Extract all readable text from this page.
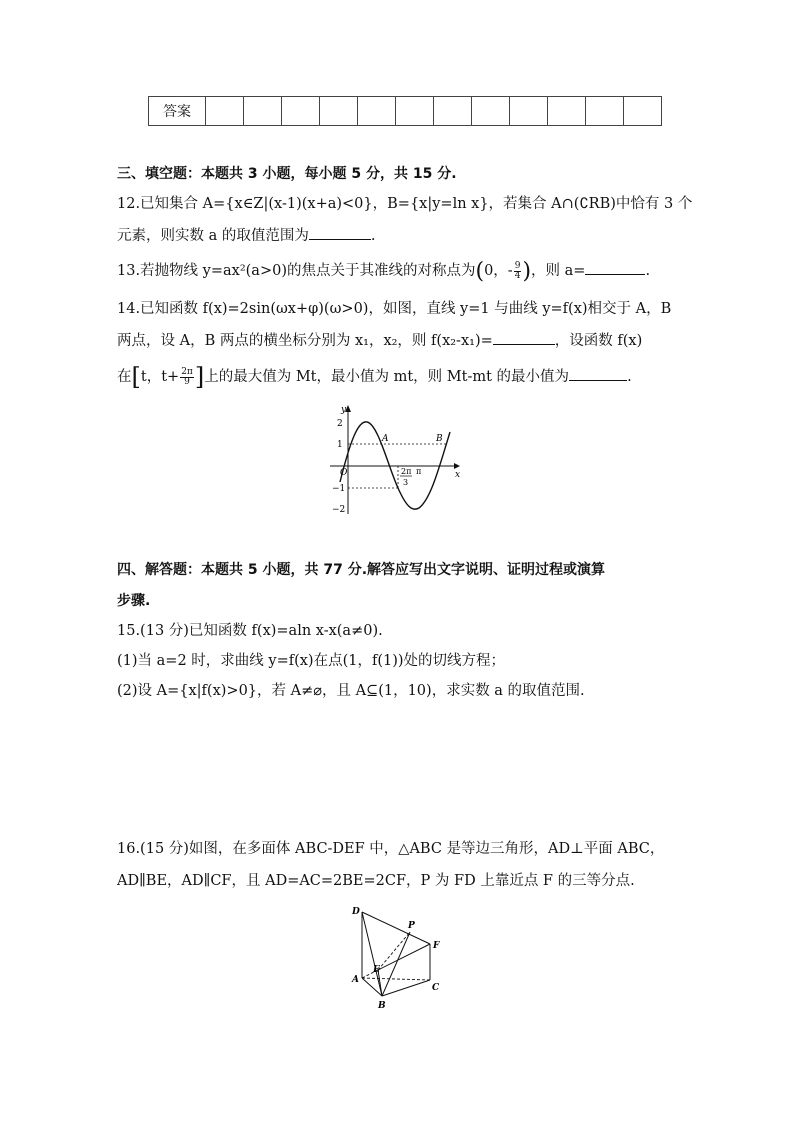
答案												
三、填空题：本题共 3 小题，每小题 5 分，共 15 分.
12.已知集合 A={x∈Z|(x-1)(x+a)<0}，B={x|y=ln x}，若集合 A∩(∁RB)中恰有 3 个
元素，则实数 a 的取值范围为	.
13.若抛物线 y=ax²(a>0)的焦点关于其准线的对称点为(0，- $\frac{9}{4}$ )，则 a=	.
14.已知函数 f(x)=2sin(ωx+φ)(ω>0)，如图，直线 y=1 与曲线 y=f(x)相交于 A，B
两点，设 A，B 两点的横坐标分别为 x₁，x₂，则 f(x₂-x₁)=	，设函数 f(x)
在[t，$t+ \frac{2\pi}{9}$ ]上的最大值为 Mt，最小值为 mt，则 Mt-mt 的最小值为	.
y
x
O
2
1
−1
−2
A	B
2π
3
π
四、解答题：本题共 5 小题，共 77 分.解答应写出文字说明、证明过程或演算
步骤.
15.(13 分)已知函数 f(x)=aln x-x(a≠0).
(1)当 a=2 时，求曲线 y=f(x)在点(1，f(1))处的切线方程；
(2)设 A={x|f(x)>0}，若 A≠⌀，且 A⊆(1，10)，求实数 a 的取值范围.
16.(15 分)如图，在多面体 ABC-DEF 中，△ABC 是等边三角形，AD⊥平面 ABC，
AD∥BE，AD∥CF，且 AD=AC=2BE=2CF，P 为 FD 上靠近点 F 的三等分点.
D
P
F
E
A
C
B
